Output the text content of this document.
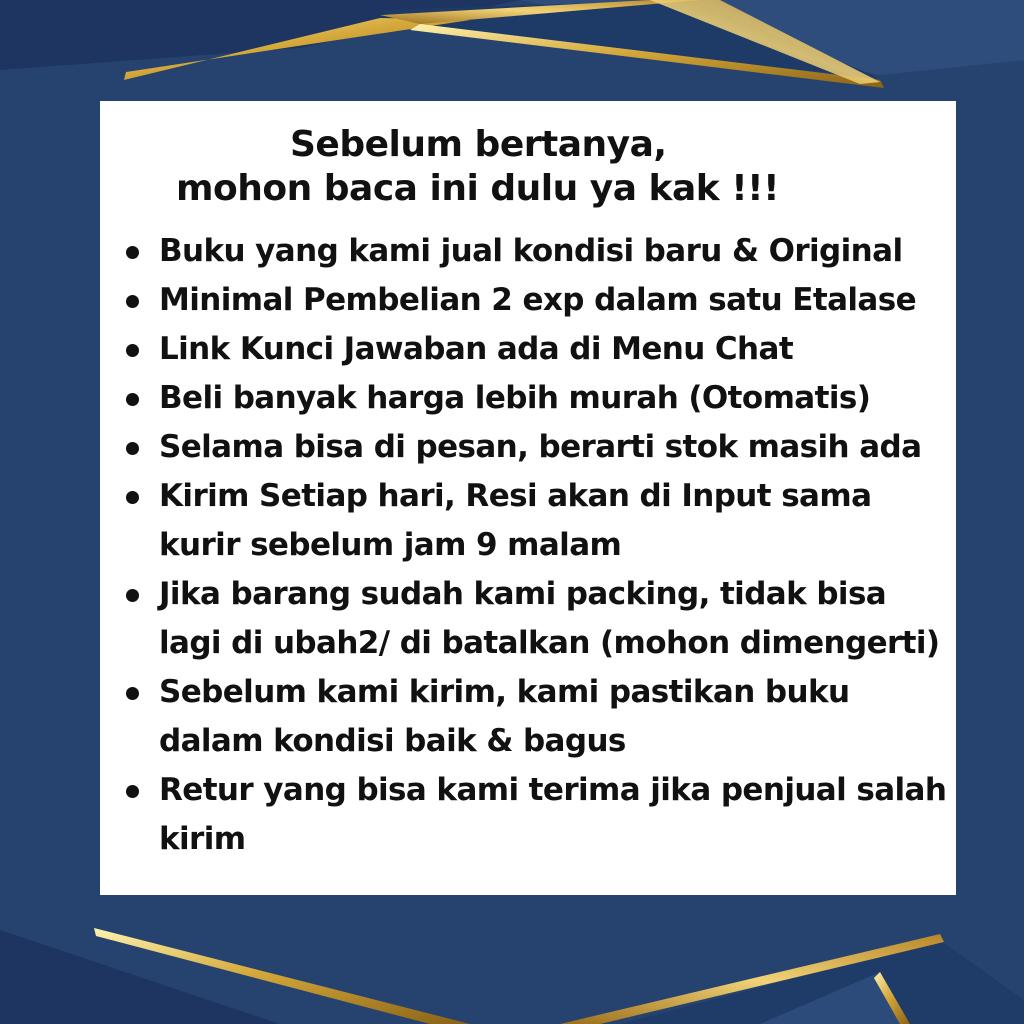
Sebelum bertanya,
mohon baca ini dulu ya kak !!!
Buku yang kami jual kondisi baru & Original
Minimal Pembelian 2 exp dalam satu Etalase
Link Kunci Jawaban ada di Menu Chat
Beli banyak harga lebih murah (Otomatis)
Selama bisa di pesan, berarti stok masih ada
Kirim Setiap hari, Resi akan di Input sama
kurir sebelum jam 9 malam
Jika barang sudah kami packing, tidak bisa
lagi di ubah2/ di batalkan (mohon dimengerti)
Sebelum kami kirim, kami pastikan buku
dalam kondisi baik & bagus
Retur yang bisa kami terima jika penjual salah
kirim
